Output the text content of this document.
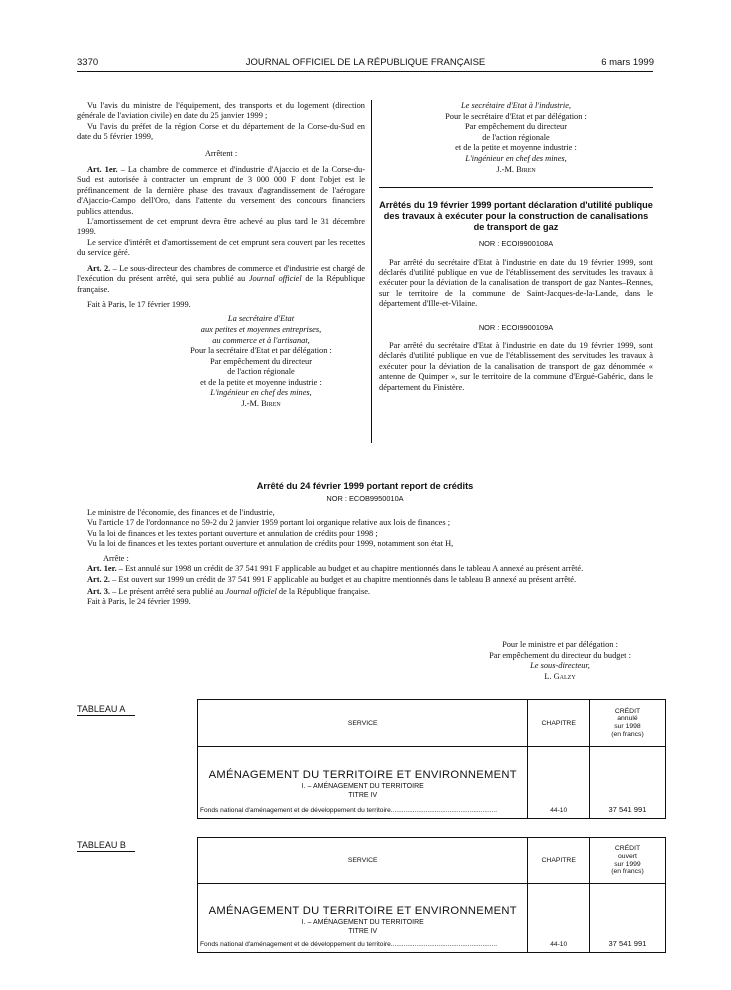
3370	JOURNAL OFFICIEL DE LA RÉPUBLIQUE FRANÇAISE	6 mars 1999

Vu l'avis du ministre de l'équipement, des transports et du logement (direction générale de l'aviation civile) en date du 25 janvier 1999 ;

Vu l'avis du préfet de la région Corse et du département de la Corse-du-Sud en date du 5 février 1999,

Arrêtent :

Art. 1er. – La chambre de commerce et d'industrie d'Ajaccio et de la Corse-du-Sud est autorisée à contracter un emprunt de 3 000 000 F dont l'objet est le préfinancement de la dernière phase des travaux d'agrandissement de l'aérogare d'Ajaccio-Campo dell'Oro, dans l'attente du versement des concours financiers publics attendus.

L'amortissement de cet emprunt devra être achevé au plus tard le 31 décembre 1999.

Le service d'intérêt et d'amortissement de cet emprunt sera couvert par les recettes du service géré.

Art. 2. – Le sous-directeur des chambres de commerce et d'industrie est chargé de l'exécution du présent arrêté, qui sera publié au Journal officiel de la République française.

Fait à Paris, le 17 février 1999.

La secrétaire d'Etat
aux petites et moyennes entreprises,
au commerce et à l'artisanat,
Pour la secrétaire d'Etat et par délégation :
Par empêchement du directeur
de l'action régionale
et de la petite et moyenne industrie :
L'ingénieur en chef des mines,
J.-M. Biren
Le secrétaire d'Etat à l'industrie,
Pour le secrétaire d'Etat et par délégation :
Par empêchement du directeur
de l'action régionale
et de la petite et moyenne industrie :
L'ingénieur en chef des mines,
J.-M. Biren
Arrêtés du 19 février 1999 portant déclaration d'utilité publique des travaux à exécuter pour la construction de canalisations de transport de gaz
NOR : ECOI9900108A

Par arrêté du secrétaire d'Etat à l'industrie en date du 19 février 1999, sont déclarés d'utilité publique en vue de l'établissement des servitudes les travaux à exécuter pour la déviation de la canalisation de transport de gaz Nantes–Rennes, sur le territoire de la commune de Saint-Jacques-de-la-Lande, dans le département d'Ille-et-Vilaine.

NOR : ECOI9900109A

Par arrêté du secrétaire d'Etat à l'industrie en date du 19 février 1999, sont déclarés d'utilité publique en vue de l'établissement des servitudes les travaux à exécuter pour la déviation de la canalisation de transport de gaz dénommée « antenne de Quimper », sur le territoire de la commune d'Ergué-Gabéric, dans le département du Finistère.

Arrêté du 24 février 1999 portant report de crédits
NOR : ECOB9950010A

Le ministre de l'économie, des finances et de l'industrie,

Vu l'article 17 de l'ordonnance no 59-2 du 2 janvier 1959 portant loi organique relative aux lois de finances ;

Vu la loi de finances et les textes portant ouverture et annulation de crédits pour 1998 ;

Vu la loi de finances et les textes portant ouverture et annulation de crédits pour 1999, notamment son état H,

Arrête :

Art. 1er. – Est annulé sur 1998 un crédit de 37 541 991 F applicable au budget et au chapitre mentionnés dans le tableau A annexé au présent arrêté.

Art. 2. – Est ouvert sur 1999 un crédit de 37 541 991 F applicable au budget et au chapitre mentionnés dans le tableau B annexé au présent arrêté.

Art. 3. – Le présent arrêté sera publié au Journal officiel de la République française.

Fait à Paris, le 24 février 1999.

Pour le ministre et par délégation :
Par empêchement du directeur du budget :
Le sous-directeur,
L. Galzy
TABLEAU A
SERVICE	CHAPITRE	CRÉDIT
annulé
sur 1998
(en francs)

AMÉNAGEMENT DU TERRITOIRE ET ENVIRONNEMENT
I. – AMÉNAGEMENT DU TERRITOIRE
TITRE IV
Fonds national d'aménagement et de développement du territoire..........................................................	44-10	37 541 991
TABLEAU B
SERVICE	CHAPITRE	CRÉDIT
ouvert
sur 1999
(en francs)

AMÉNAGEMENT DU TERRITOIRE ET ENVIRONNEMENT
I. – AMÉNAGEMENT DU TERRITOIRE
TITRE IV
Fonds national d'aménagement et de développement du territoire..........................................................	44-10	37 541 991
